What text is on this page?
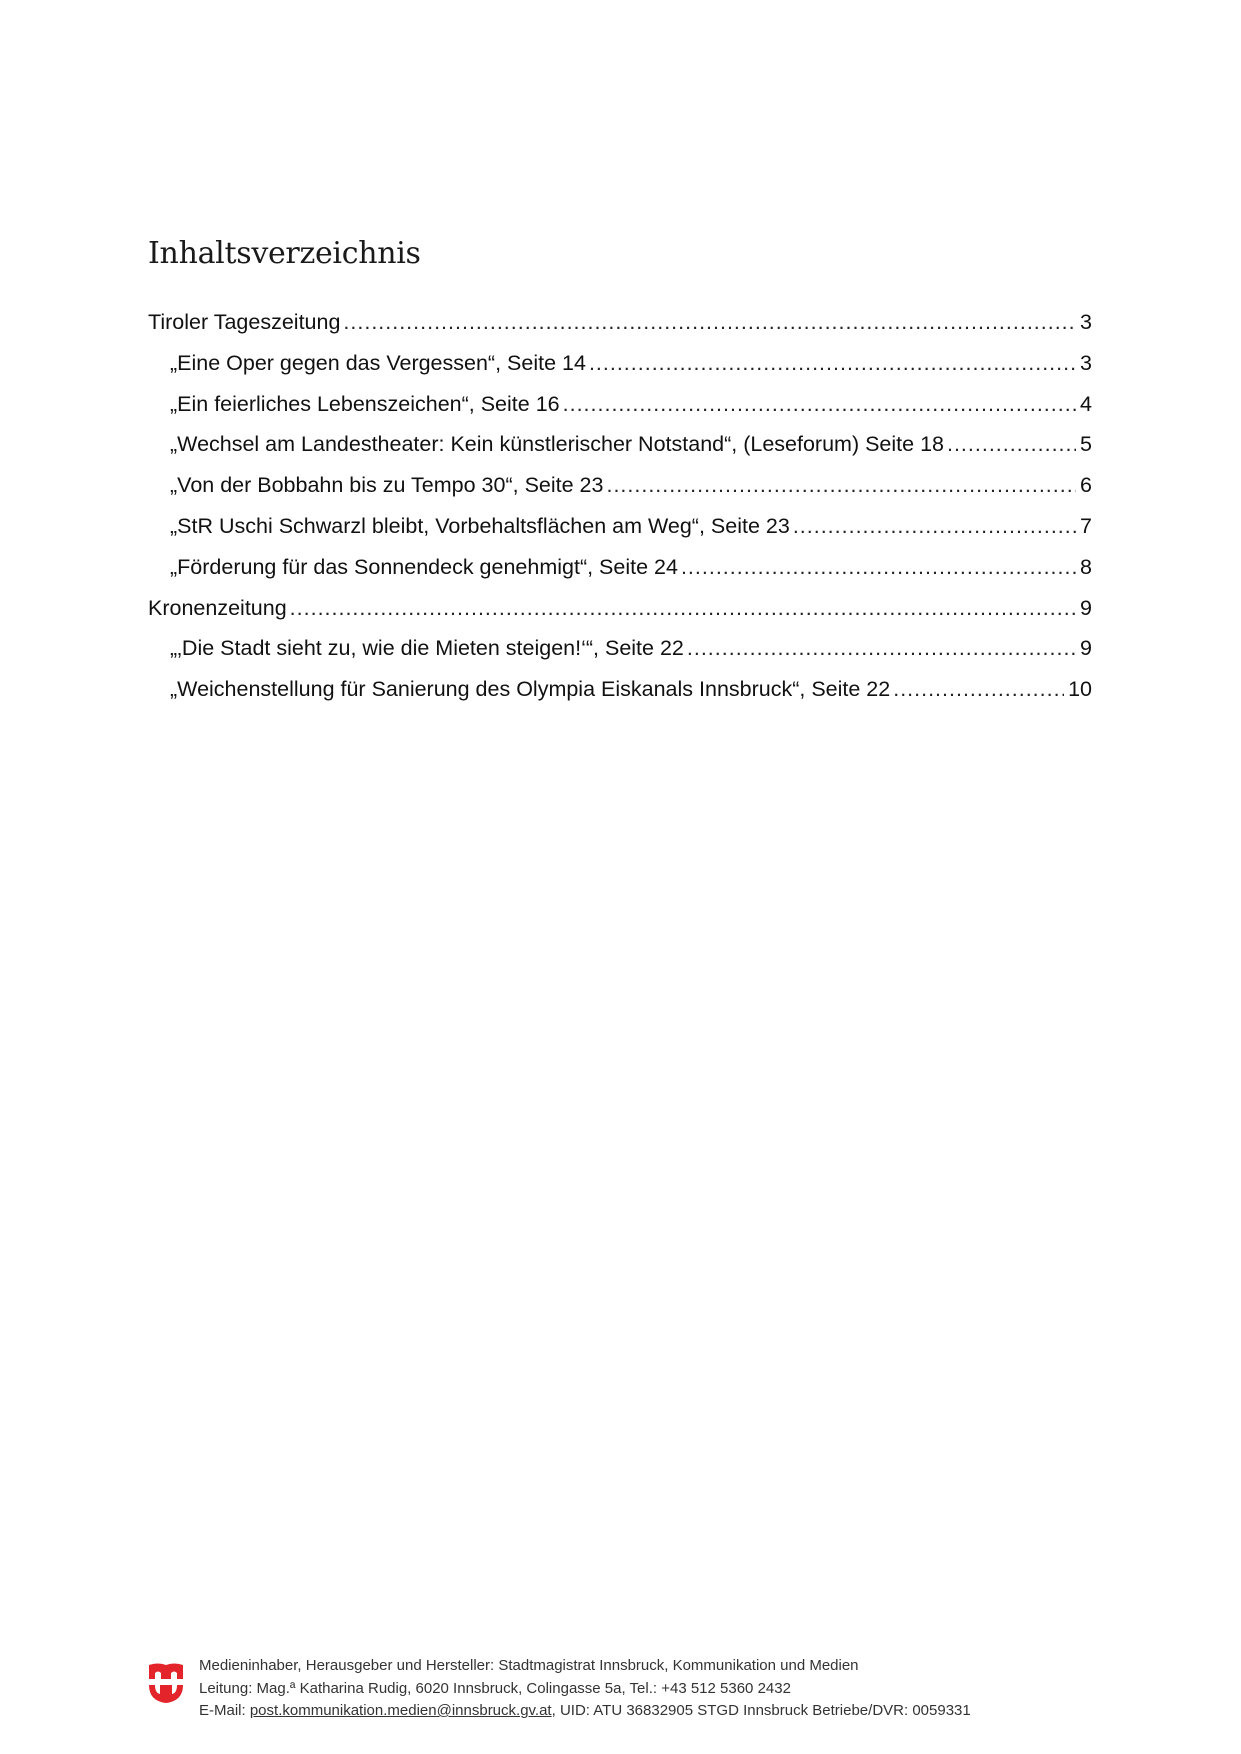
Inhaltsverzeichnis
Tiroler Tageszeitung .....	3
„Eine Oper gegen das Vergessen“, Seite 14 .....	3
„Ein feierliches Lebenszeichen“, Seite 16 .....	4
„Wechsel am Landestheater: Kein künstlerischer Notstand“, (Leseforum) Seite 18 .....	5
„Von der Bobbahn bis zu Tempo 30“, Seite 23 .....	6
„StR Uschi Schwarzl bleibt, Vorbehaltsflächen am Weg“, Seite 23 .....	7
„Förderung für das Sonnendeck genehmigt“, Seite 24 .....	8
Kronenzeitung .....	9
„‚Die Stadt sieht zu, wie die Mieten steigen!‘“, Seite 22 .....	9
„Weichenstellung für Sanierung des Olympia Eiskanals Innsbruck“, Seite 22 .....	10
Medieninhaber, Herausgeber und Hersteller: Stadtmagistrat Innsbruck, Kommunikation und Medien
Leitung: Mag.ª Katharina Rudig, 6020 Innsbruck, Colingasse 5a, Tel.: +43 512 5360 2432
E-Mail: post.kommunikation.medien@innsbruck.gv.at, UID: ATU 36832905 STGD Innsbruck Betriebe/DVR: 0059331
